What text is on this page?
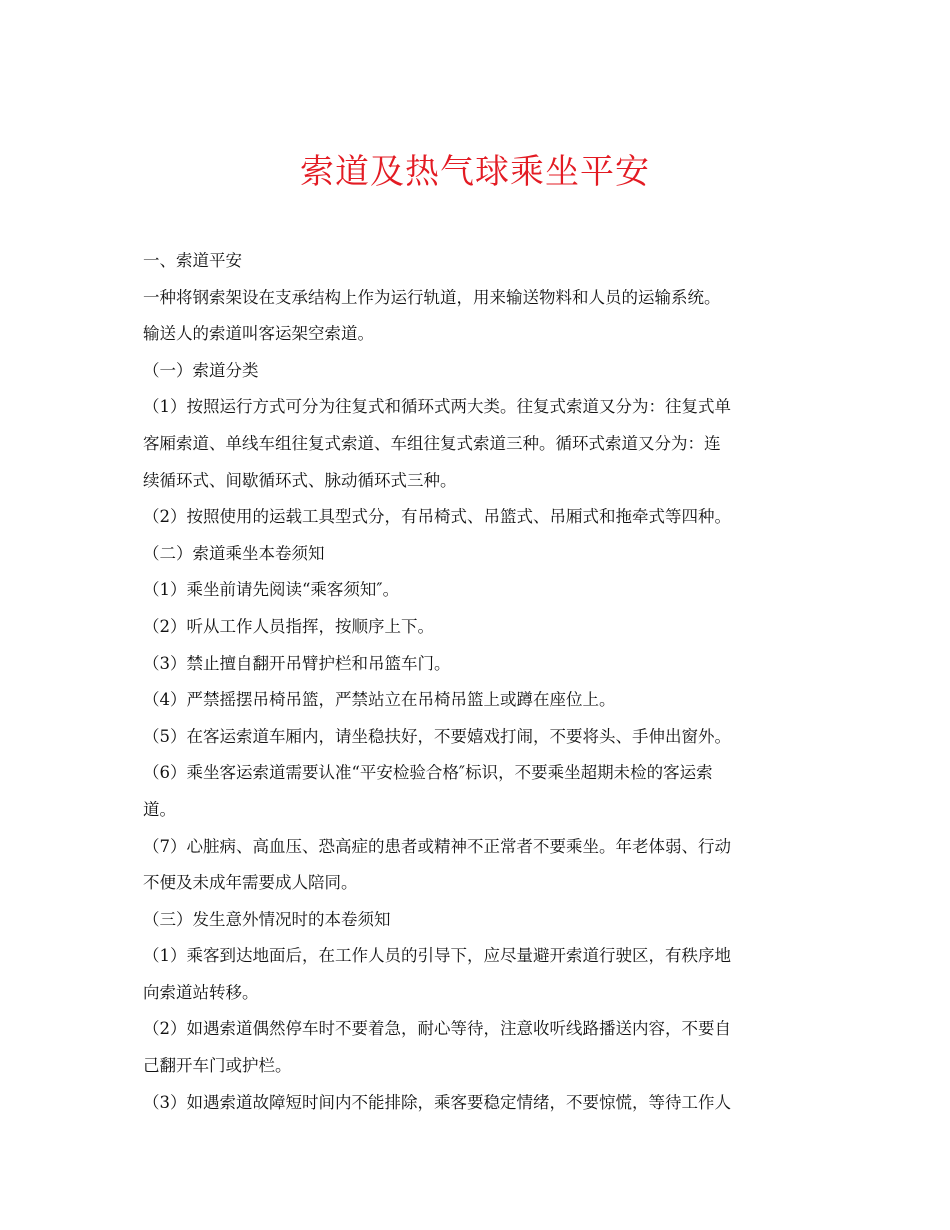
索道及热气球乘坐平安

一、索道平安

一种将钢索架设在支承结构上作为运行轨道，用来输送物料和人员的运输系统。

输送人的索道叫客运架空索道。

（一）索道分类

（1）按照运行方式可分为往复式和循环式两大类。往复式索道又分为：往复式单

客厢索道、单线车组往复式索道、车组往复式索道三种。循环式索道又分为：连

续循环式、间歇循环式、脉动循环式三种。

（2）按照使用的运载工具型式分，有吊椅式、吊篮式、吊厢式和拖牵式等四种。

（二）索道乘坐本卷须知

（1）乘坐前请先阅读“乘客须知″。

（2）听从工作人员指挥，按顺序上下。

（3）禁止擅自翻开吊臂护栏和吊篮车门。

（4）严禁摇摆吊椅吊篮，严禁站立在吊椅吊篮上或蹲在座位上。

（5）在客运索道车厢内，请坐稳扶好，不要嬉戏打闹，不要将头、手伸出窗外。

（6）乘坐客运索道需要认准“平安检验合格″标识，不要乘坐超期未检的客运索

道。

（7）心脏病、高血压、恐高症的患者或精神不正常者不要乘坐。年老体弱、行动

不便及未成年需要成人陪同。

（三）发生意外情况时的本卷须知

（1）乘客到达地面后，在工作人员的引导下，应尽量避开索道行驶区，有秩序地

向索道站转移。

（2）如遇索道偶然停车时不要着急，耐心等待，注意收听线路播送内容，不要自

己翻开车门或护栏。

（3）如遇索道故障短时间内不能排除，乘客要稳定情绪，不要惊慌，等待工作人
